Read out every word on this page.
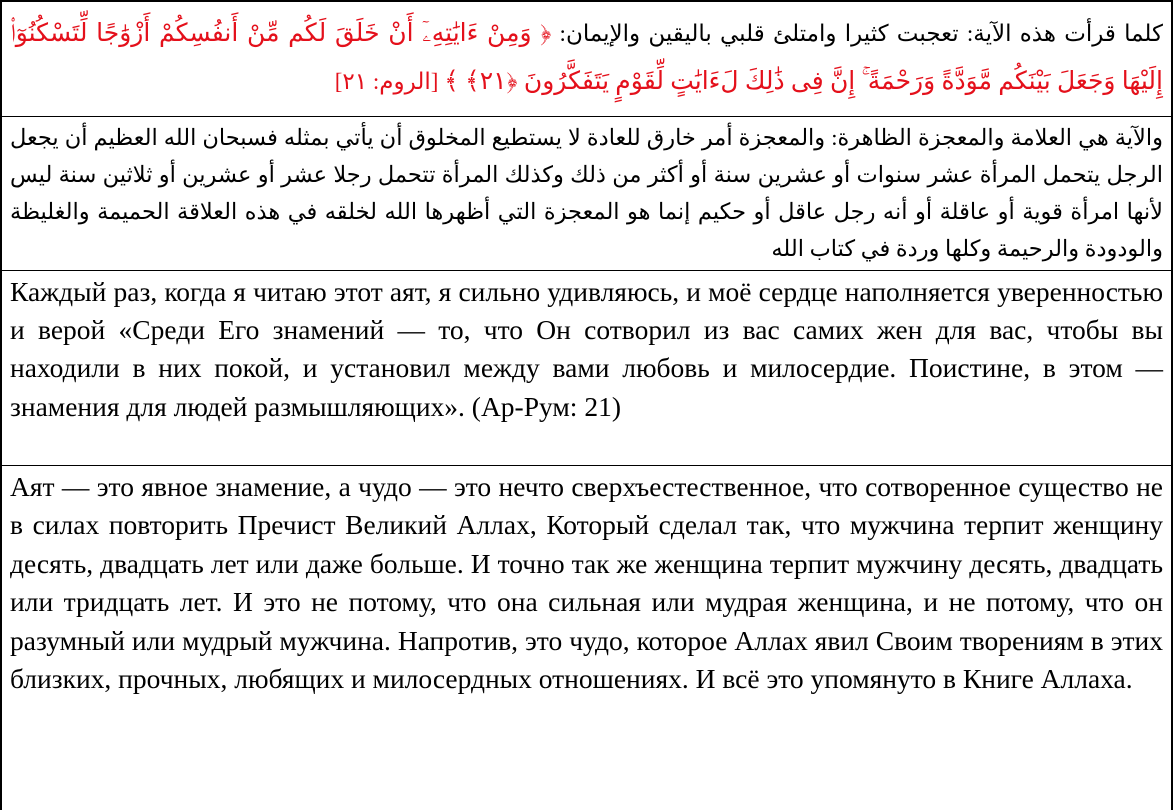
كلما قرأت هذه الآية: تعجبت كثيرا وامتلئ قلبي باليقين والإيمان: ﴿ وَمِنْ ءَايَٰتِهِۦٓ أَنْ خَلَقَ لَكُم مِّنْ أَنفُسِكُمْ أَزْوَٰجًا لِّتَسْكُنُوٓا۟ إِلَيْهَا وَجَعَلَ بَيْنَكُم مَّوَدَّةً وَرَحْمَةً ۚ إِنَّ فِى ذَٰلِكَ لَءَايَٰتٍ لِّقَوْمٍ يَتَفَكَّرُونَ ﴿٢١﴾ ﴾ [الروم: ٢١]
والآية هي العلامة والمعجزة الظاهرة: والمعجزة أمر خارق للعادة لا يستطيع المخلوق أن يأتي بمثله فسبحان الله العظيم أن يجعل الرجل يتحمل المرأة عشر سنوات أو عشرين سنة أو أكثر من ذلك وكذلك المرأة تتحمل رجلا عشر أو عشرين أو ثلاثين سنة ليس لأنها امرأة قوية أو عاقلة أو أنه رجل عاقل أو حكيم إنما هو المعجزة التي أظهرها الله لخلقه في هذه العلاقة الحميمة والغليظة والودودة والرحيمة وكلها وردة في كتاب الله
Каждый раз, когда я читаю этот аят, я сильно удивляюсь, и моё сердце наполняется уверенностью и верой «Среди Его знамений — то, что Он сотворил из вас самих жен для вас, чтобы вы находили в них покой, и установил между вами любовь и милосердие. Поистине, в этом — знамения для людей размышляющих». (Ар-Рум: 21)
Аят — это явное знамение, а чудо — это нечто сверхъестественное, что сотворенное существо не в силах повторить Пречист Великий Аллах, Который сделал так, что мужчина терпит женщину десять, двадцать лет или даже больше. И точно так же женщина терпит мужчину десять, двадцать или тридцать лет. И это не потому, что она сильная или мудрая женщина, и не потому, что он разумный или мудрый мужчина. Напротив, это чудо, которое Аллах явил Своим творениям в этих близких, прочных, любящих и милосердных отношениях. И всё это упомянуто в Книге Аллаха.
